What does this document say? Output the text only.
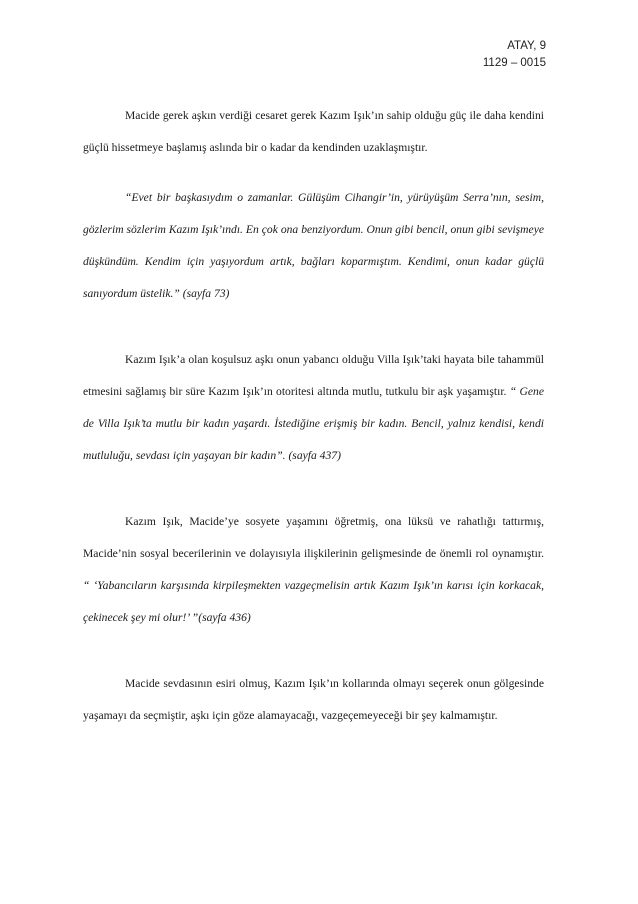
ATAY, 9
1129 – 0015

Macide gerek aşkın verdiği cesaret gerek Kazım Işık’ın sahip olduğu güç ile daha kendini güçlü hissetmeye başlamış aslında bir o kadar da kendinden uzaklaşmıştır.

“Evet bir başkasıydım o zamanlar. Gülüşüm Cihangir’in, yürüyüşüm Serra’nın, sesim, gözlerim sözlerim Kazım Işık’ındı. En çok ona benziyordum. Onun gibi bencil, onun gibi sevişmeye düşkündüm. Kendim için yaşıyordum artık, bağları koparmıştım. Kendimi, onun kadar güçlü sanıyordum üstelik.” (sayfa 73)

Kazım Işık’a olan koşulsuz aşkı onun yabancı olduğu Villa Işık’taki hayata bile tahammül etmesini sağlamış bir süre Kazım Işık’ın otoritesi altında mutlu, tutkulu bir aşk yaşamıştır. “ Gene de Villa Işık’ta mutlu bir kadın yaşardı. İstediğine erişmiş bir kadın. Bencil, yalnız kendisi, kendi mutluluğu, sevdası için yaşayan bir kadın”. (sayfa 437)

Kazım Işık, Macide’ye sosyete yaşamını öğretmiş, ona lüksü ve rahatlığı tattırmış, Macide’nin sosyal becerilerinin ve dolayısıyla ilişkilerinin gelişmesinde de önemli rol oynamıştır. “ ‘Yabancıların karşısında kirpileşmekten vazgeçmelisin artık Kazım Işık’ın karısı için korkacak, çekinecek şey mi olur!’ ”(sayfa 436)

Macide sevdasının esiri olmuş, Kazım Işık’ın kollarında olmayı seçerek onun gölgesinde yaşamayı da seçmiştir, aşkı için göze alamayacağı, vazgeçemeyeceği bir şey kalmamıştır.
